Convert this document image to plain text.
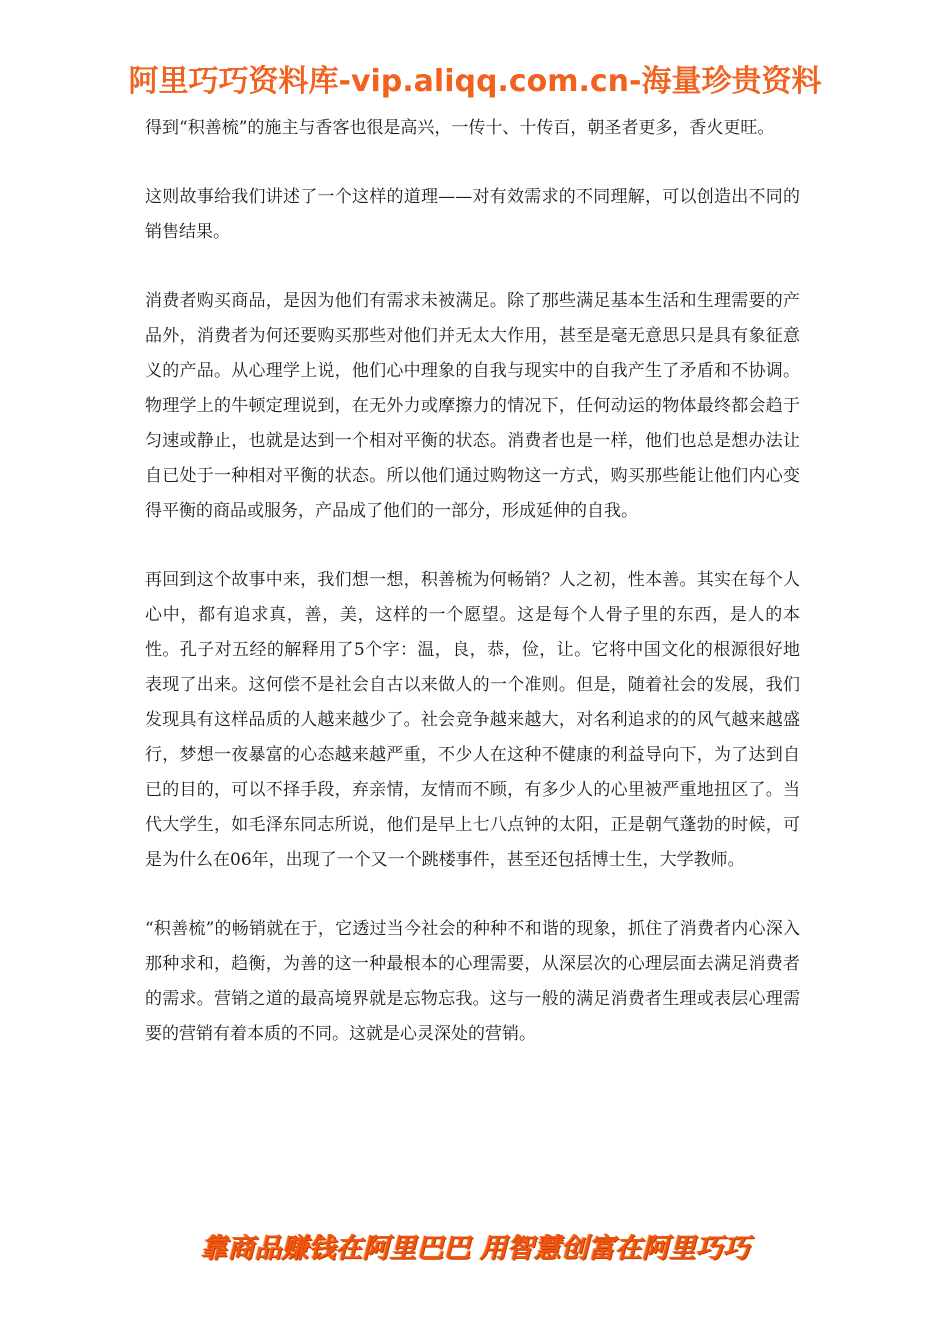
阿里巧巧资料库-vip.aliqq.com.cn-海量珍贵资料

得到“积善梳”的施主与香客也很是高兴，一传十、十传百，朝圣者更多，香火更旺。

这则故事给我们讲述了一个这样的道理——对有效需求的不同理解，可以创造出不同的销售结果。

消费者购买商品，是因为他们有需求未被满足。除了那些满足基本生活和生理需要的产品外，消费者为何还要购买那些对他们并无太大作用，甚至是毫无意思只是具有象征意义的产品。从心理学上说，他们心中理象的自我与现实中的自我产生了矛盾和不协调。物理学上的牛顿定理说到，在无外力或摩擦力的情况下，任何动运的物体最终都会趋于匀速或静止，也就是达到一个相对平衡的状态。消费者也是一样，他们也总是想办法让自已处于一种相对平衡的状态。所以他们通过购物这一方式，购买那些能让他们内心变得平衡的商品或服务，产品成了他们的一部分，形成延伸的自我。

再回到这个故事中来，我们想一想，积善梳为何畅销？人之初，性本善。其实在每个人心中，都有追求真，善，美，这样的一个愿望。这是每个人骨子里的东西，是人的本性。孔子对五经的解释用了5个字：温，良，恭，俭，让。它将中国文化的根源很好地表现了出来。这何偿不是社会自古以来做人的一个准则。但是，随着社会的发展，我们发现具有这样品质的人越来越少了。社会竞争越来越大，对名利追求的的风气越来越盛行，梦想一夜暴富的心态越来越严重，不少人在这种不健康的利益导向下，为了达到自已的目的，可以不择手段，弃亲情，友情而不顾，有多少人的心里被严重地扭区了。当代大学生，如毛泽东同志所说，他们是早上七八点钟的太阳，正是朝气蓬勃的时候，可是为什么在06年，出现了一个又一个跳楼事件，甚至还包括博士生，大学教师。

“积善梳”的畅销就在于，它透过当今社会的种种不和谐的现象，抓住了消费者内心深入那种求和，趋衡，为善的这一种最根本的心理需要，从深层次的心理层面去满足消费者的需求。营销之道的最高境界就是忘物忘我。这与一般的满足消费者生理或表层心理需要的营销有着本质的不同。这就是心灵深处的营销。

靠商品赚钱在阿里巴巴 用智慧创富在阿里巧巧
